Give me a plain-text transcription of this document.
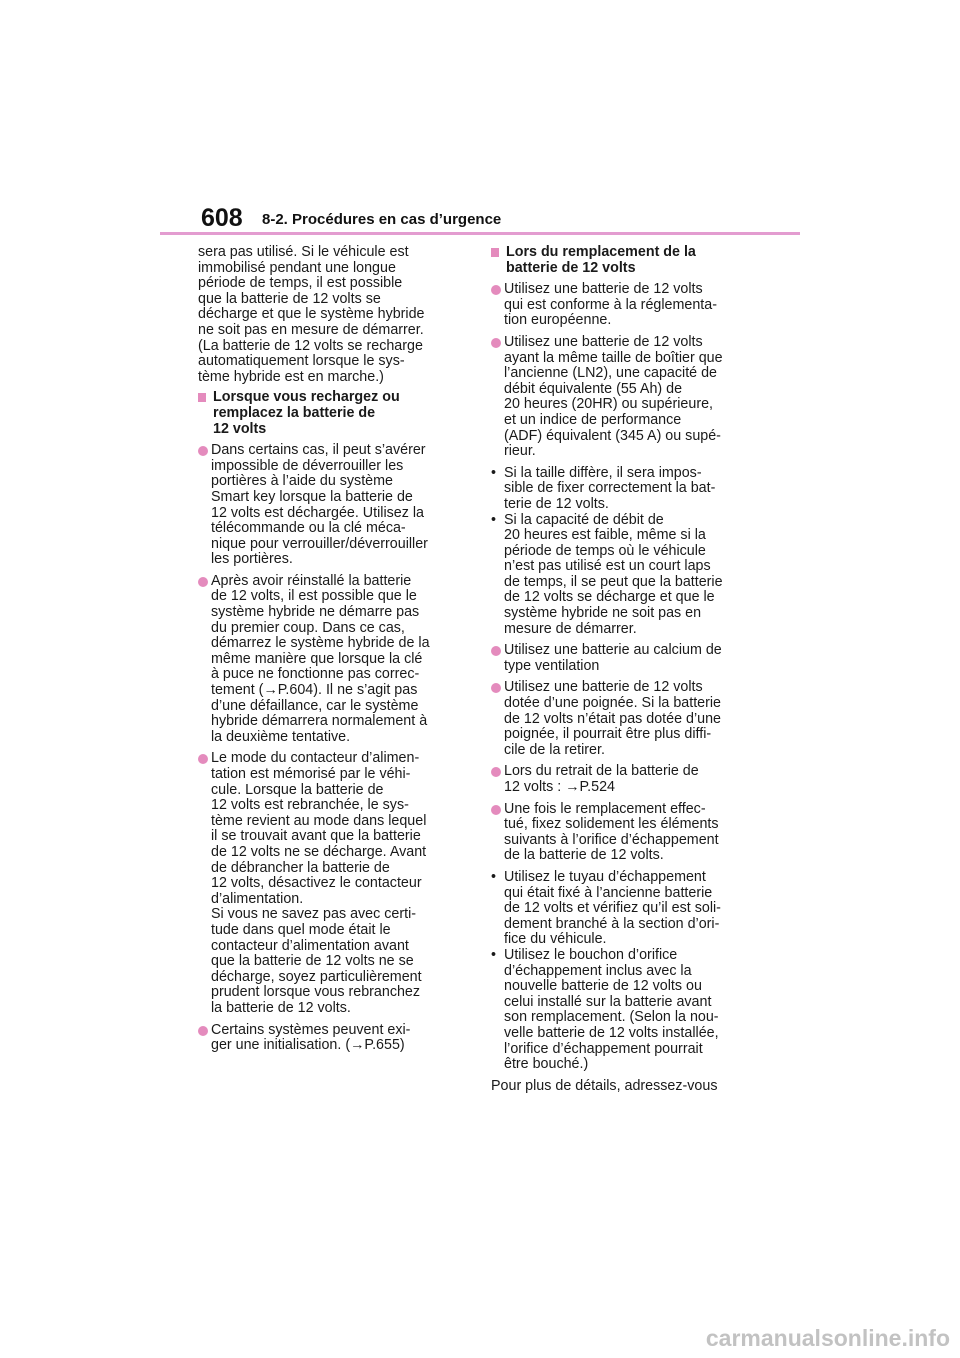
608 8-2. Procédures en cas d’urgence

sera pas utilisé. Si le véhicule est
immobilisé pendant une longue
période de temps, il est possible
que la batterie de 12 volts se
décharge et que le système hybride
ne soit pas en mesure de démarrer.
(La batterie de 12 volts se recharge
automatiquement lorsque le sys-
tème hybride est en marche.)

Lorsque vous rechargez ou
remplacez la batterie de
12 volts
Dans certains cas, il peut s’avérer
impossible de déverrouiller les
portières à l’aide du système
Smart key lorsque la batterie de
12 volts est déchargée. Utilisez la
télécommande ou la clé méca-
nique pour verrouiller/déverrouiller
les portières.
Après avoir réinstallé la batterie
de 12 volts, il est possible que le
système hybride ne démarre pas
du premier coup. Dans ce cas,
démarrez le système hybride de la
même manière que lorsque la clé
à puce ne fonctionne pas correc-
tement (→P.604). Il ne s’agit pas
d’une défaillance, car le système
hybride démarrera normalement à
la deuxième tentative.
Le mode du contacteur d’alimen-
tation est mémorisé par le véhi-
cule. Lorsque la batterie de
12 volts est rebranchée, le sys-
tème revient au mode dans lequel
il se trouvait avant que la batterie
de 12 volts ne se décharge. Avant
de débrancher la batterie de
12 volts, désactivez le contacteur
d’alimentation.
Si vous ne savez pas avec certi-
tude dans quel mode était le
contacteur d’alimentation avant
que la batterie de 12 volts ne se
décharge, soyez particulièrement
prudent lorsque vous rebranchez
la batterie de 12 volts.
Certains systèmes peuvent exi-
ger une initialisation. (→P.655)
Lors du remplacement de la
batterie de 12 volts
Utilisez une batterie de 12 volts
qui est conforme à la réglementa-
tion européenne.
Utilisez une batterie de 12 volts
ayant la même taille de boîtier que
l’ancienne (LN2), une capacité de
débit équivalente (55 Ah) de
20 heures (20HR) ou supérieure,
et un indice de performance
(ADF) équivalent (345 A) ou supé-
rieur.
• Si la taille diffère, il sera impos-
sible de fixer correctement la bat-
terie de 12 volts.
• Si la capacité de débit de
20 heures est faible, même si la
période de temps où le véhicule
n’est pas utilisé est un court laps
de temps, il se peut que la batterie
de 12 volts se décharge et que le
système hybride ne soit pas en
mesure de démarrer.
Utilisez une batterie au calcium de
type ventilation
Utilisez une batterie de 12 volts
dotée d’une poignée. Si la batterie
de 12 volts n’était pas dotée d’une
poignée, il pourrait être plus diffi-
cile de la retirer.
Lors du retrait de la batterie de
12 volts : →P.524
Une fois le remplacement effec-
tué, fixez solidement les éléments
suivants à l’orifice d’échappement
de la batterie de 12 volts.
• Utilisez le tuyau d’échappement
qui était fixé à l’ancienne batterie
de 12 volts et vérifiez qu’il est soli-
dement branché à la section d’ori-
fice du véhicule.
• Utilisez le bouchon d’orifice
d’échappement inclus avec la
nouvelle batterie de 12 volts ou
celui installé sur la batterie avant
son remplacement. (Selon la nou-
velle batterie de 12 volts installée,
l’orifice d’échappement pourrait
être bouché.)

Pour plus de détails, adressez-vous

carmanualsonline.info
